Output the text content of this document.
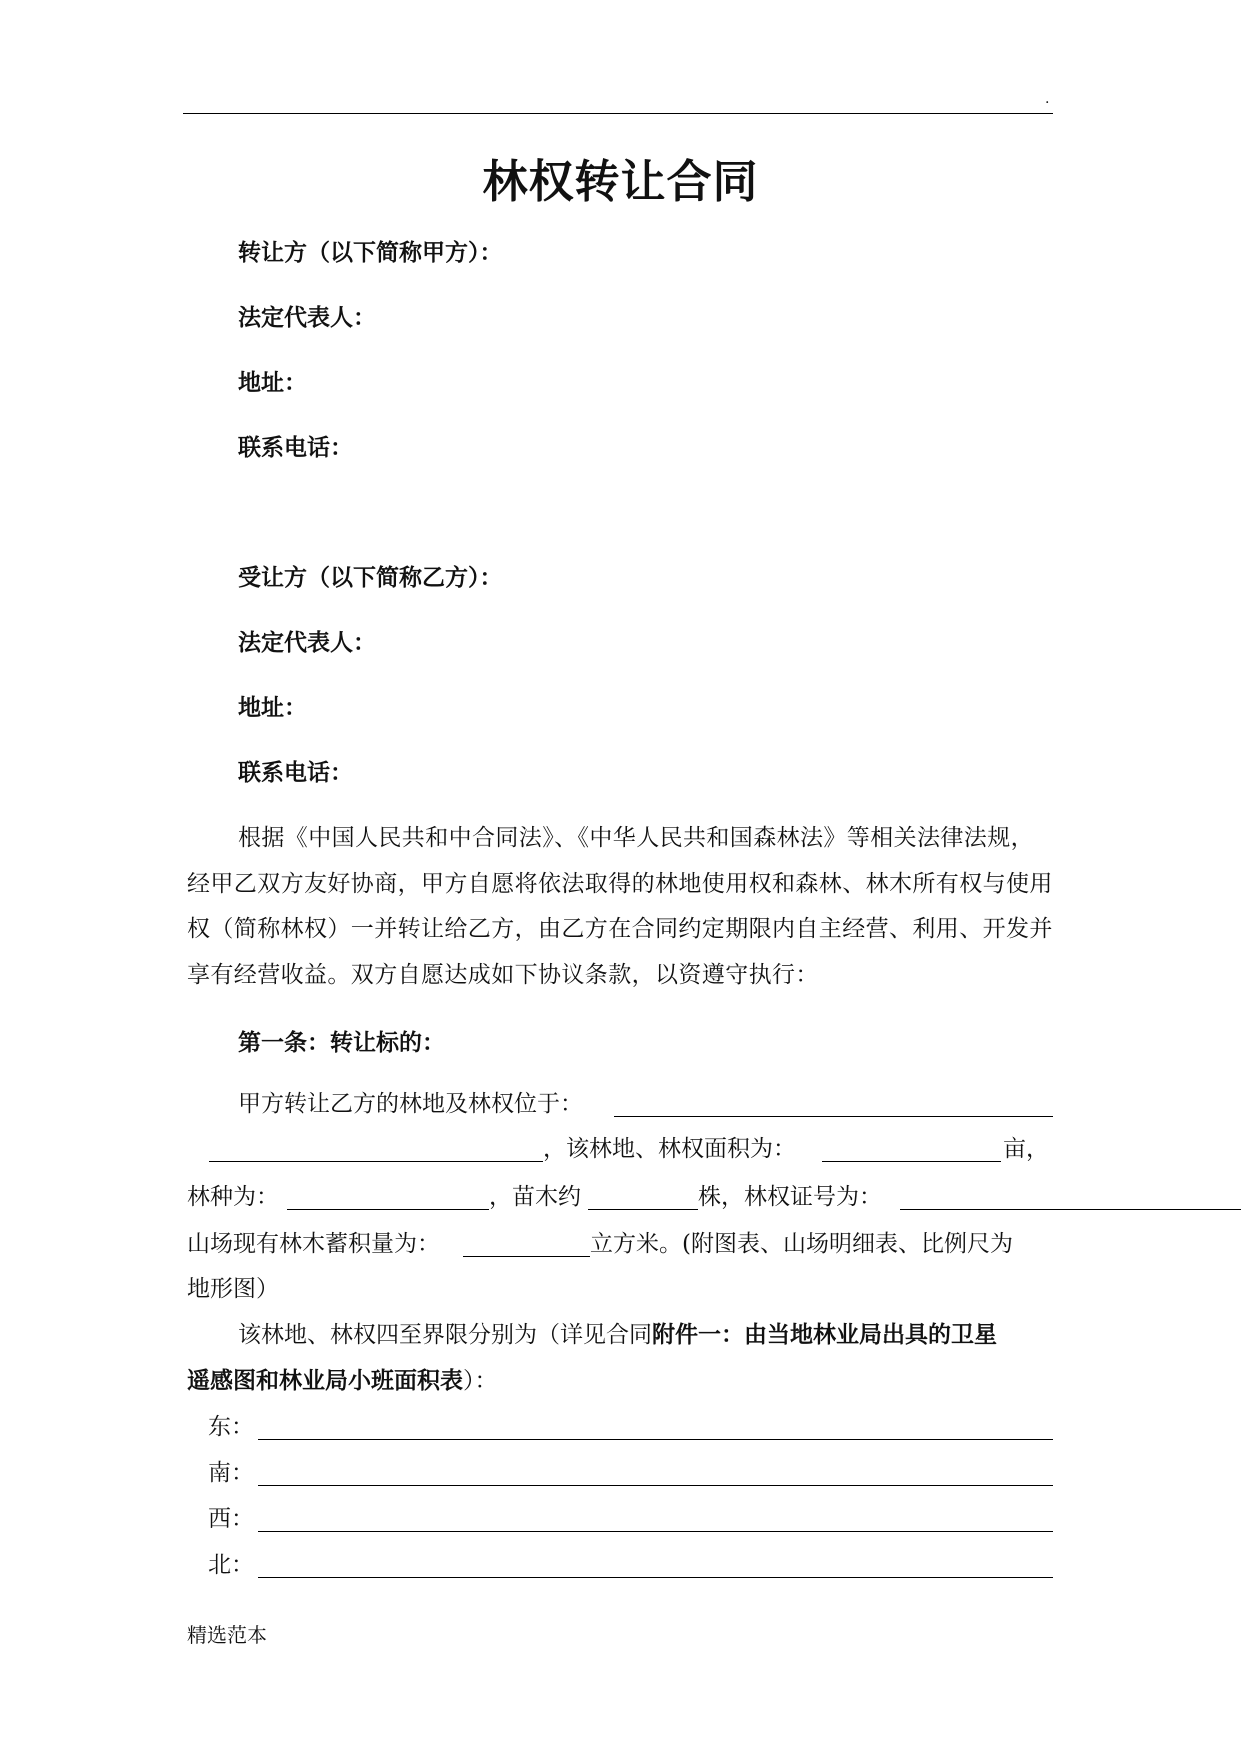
.
林权转让合同
转让方（以下简称甲方）：
法定代表人：
地址：
联系电话：
受让方（以下简称乙方）：
法定代表人：
地址：
联系电话：
根据《中国人民共和中合同法》、《中华人民共和国森林法》等相关法律法规，经甲乙双方友好协商，甲方自愿将依法取得的林地使用权和森林、林木所有权与使用权（简称林权）一并转让给乙方，由乙方在合同约定期限内自主经营、利用、开发并享有经营收益。双方自愿达成如下协议条款，以资遵守执行：
第一条：转让标的：
甲方转让乙方的林地及林权位于：
，该林地、林权面积为：	亩，
林种为：	，苗木约	株，林权证号为：
山场现有林木蓄积量为：	立方米。(附图表、山场明细表、比例尺为
地形图）
该林地、林权四至界限分别为（详见合同附件一：由当地林业局出具的卫星
遥感图和林业局小班面积表）：
东：
南：
西：
北：
精选范本
